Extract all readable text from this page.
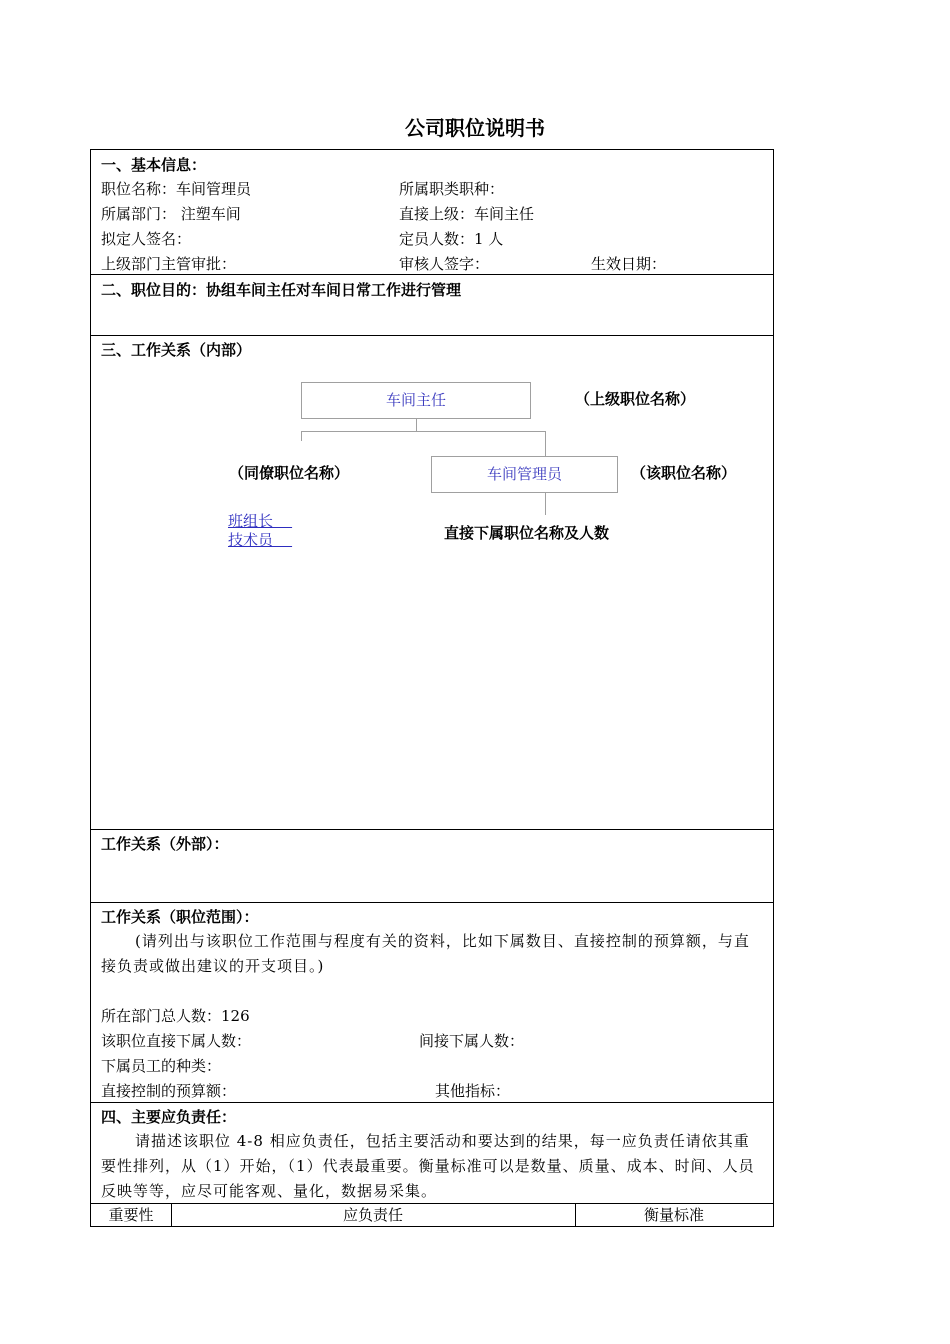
公司职位说明书
一、基本信息：
职位名称：车间管理员	所属职类职种：
所属部门： 注塑车间	直接上级：车间主任
拟定人签名：	定员人数：1 人
上级部门主管审批：	审核人签字：	生效日期：
二、职位目的：协组车间主任对车间日常工作进行管理
三、工作关系（内部）
车间主任	（上级职位名称）
（同僚职位名称）	车间管理员	（该职位名称）
班组长
技术员	直接下属职位名称及人数
工作关系（外部）：
工作关系（职位范围）：
(请列出与该职位工作范围与程度有关的资料，比如下属数目、直接控制的预算额，与直接负责或做出建议的开支项目。)
所在部门总人数：126
该职位直接下属人数：	间接下属人数：
下属员工的种类：
直接控制的预算额：	其他指标：
四、主要应负责任：
请描述该职位 4-8 相应负责任，包括主要活动和要达到的结果，每一应负责任请依其重要性排列，从（1）开始，（1）代表最重要。衡量标准可以是数量、质量、成本、时间、人员反映等等，应尽可能客观、量化，数据易采集。
重要性	应负责任	衡量标准
